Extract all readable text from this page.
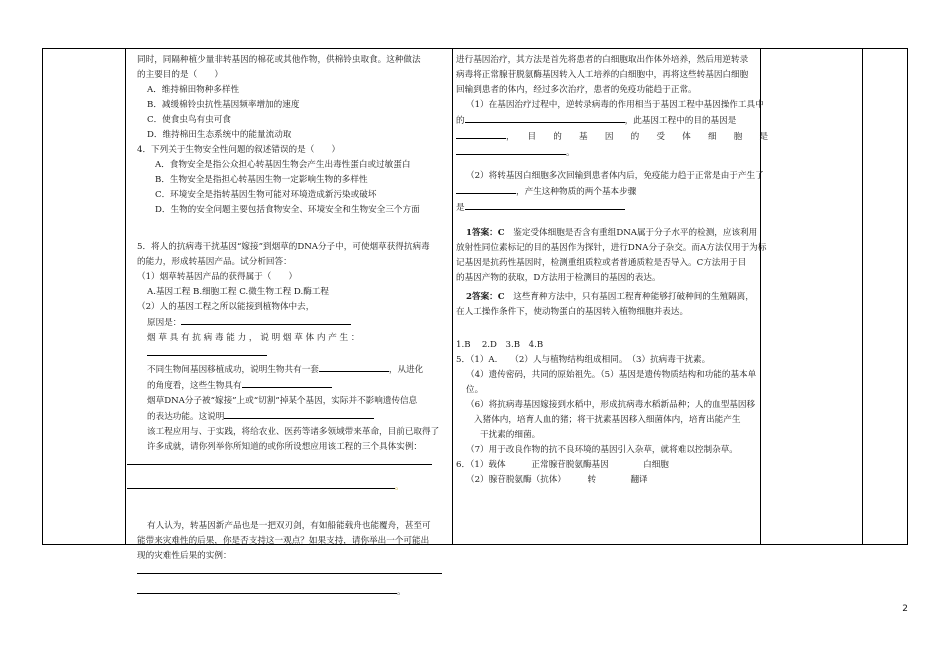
同时，同隔种植少量非转基因的棉花或其他作物，供棉铃虫取食。这种做法

的主要目的是（　　）

A．维持棉田物种多样性

B．减缓棉铃虫抗性基因频率增加的速度

C．使食虫鸟有虫可食

D．维持棉田生态系统中的能量流动取

4．下列关于生物安全性问题的叙述错误的是（　　）

A．食物安全是指公众担心转基因生物会产生出毒性蛋白或过敏蛋白

B．生物安全是指担心转基因生物一定影响生物的多样性

C．环境安全是指转基因生物可能对环境造成新污染或破坏

D．生物的安全问题主要包括食物安全、环境安全和生物安全三个方面

5．将人的抗病毒干扰基因“嫁接”到烟草的DNA分子中，可使烟草获得抗病毒

的能力，形成转基因产品。试分析回答：

（1）烟草转基因产品的获得属于（　　）

A.基因工程 B.细胞工程 C.微生物工程 D.酶工程

（2）人的基因工程之所以能接到植物体中去，

原因是：

烟 草 具 有 抗 病 毒 能 力 ， 说 明 烟 草 体 内 产 生 ：

不同生物间基因移植成功，说明生物共有一套	，从进化

的角度看，这些生物具有

烟草DNA分子被“嫁接”上或“切割”掉某个基因，实际并不影响遗传信息

的表达功能。这说明

该工程应用与、于实践，将给农业、医药等诸多领域带来革命，目前已取得了

许多成就，请你列举你所知道的或你所设想应用该工程的三个具体实例：

。

有人认为，转基因新产品也是一把双刃剑，有如船能载舟也能覆舟，甚至可

能带来灾难性的后果，你是否支持这一观点？如果支持，请你举出一个可能出

现的灾难性后果的实例：

。

进行基因治疗，其方法是首先将患者的白细胞取出作体外培养，然后用逆转录

病毒将正常腺苷脱氨酶基因转入人工培养的白细胞中，再将这些转基因白细胞

回输到患者的体内，经过多次治疗，患者的免疫功能趋于正常。

（1）在基因治疗过程中，逆转录病毒的作用相当于基因工程中基因操作工具中

的	，此基因工程中的目的基因是

，　　目　　的　　基　　因　　的　　受　　体　　细　　胞　　是

。

（2）将转基因白细胞多次回输到患者体内后，免疫能力趋于正常是由于产生了

，产生这种物质的两个基本步骤

是

1答案：C　 鉴定受体细胞是否含有重组DNA属于分子水平的检测，应该利用

放射性同位素标记的目的基因作为探针，进行DNA分子杂交。而A方法仅用于为标

记基因是抗药性基因时，检测重组质粒或者普通质粒是否导入。C方法用于目

的基因产物的获取，D方法用于检测目的基因的表达。

2答案：C　 这些育种方法中，只有基因工程育种能够打破种间的生殖隔离，

在人工操作条件下，使动物蛋白的基因转入植物细胞并表达。

1.B　 2.D　3.B　4.B

5．（1）A.　　（2）人与植物结构组成相同。　（3）抗病毒干扰素。

（4）遗传密码，共同的原始祖先。（5）基因是遗传物质结构和功能的基本单

位。

（6）将抗病毒基因嫁接到水稻中，形成抗病毒水稻新品种；人的血型基因移

入猪体内，培育人血的猪；将干扰素基因移入细菌体内，培育出能产生

干扰素的细菌。

（7）用于改良作物的抗不良环境的基因引入杂草，就将难以控制杂草。

6．（1）载体　　　正常腺苷脱氨酶基因　　　　白细胞

（2）腺苷脱氨酶（抗体）　　　转　　　　翻译

2
